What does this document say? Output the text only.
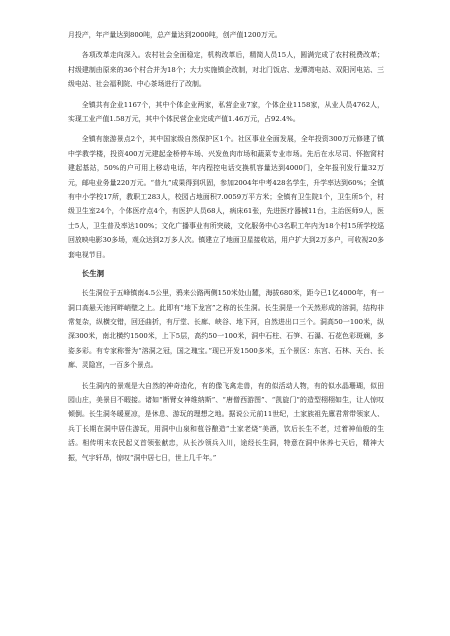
月投产，年产量达到800吨，总产量达到2000吨，创产值1200万元。

各项改革走向深入。农村社会全面稳定，机构改革后，精简人员15人，圆满完成了农村税费改革；村级建制由原来的36个村合并为18个；大力实施镇企改制，对北门饭店、龙潭湾电站、双阳河电站、三级电站、社会福利院、中心茶场进行了改制。

全镇共有企业1167个，其中个体企业两家，私营企业7家，个体企业1158家，从业人员4762人，实现工业产值1.58万元，其中个体民营企业完成产值1.46万元，占92.4%。

全镇有旅游景点2个，其中国家级自然保护区1个。社区事业全面发展，全年投资300万元修建了镇中学教学楼，投资400万元建起金桥停车场、兴发鱼肉市场和蔬菜专业市场。先后在水尽司、怀抱窝村建起基站，50%的户可用上移动电话，年内程控电话交换机容量达到4000门，全年报刊发行量32万元，邮电业务量220万元。“普九”成果得到巩固，参加2004年中考428名学生，升学率达到60%；全镇有中小学校17所，教职工283人，校园占地面积7.0059万平方米；全镇有卫生院1个，卫生所5个，村级卫生室24个，个体医疗点4个，有医护人员68人，病床61张，先进医疗器械11台，主治医师9人，医士5人，卫生普及率达100%；文化广播事业有所突破，文化服务中心3名职工年内为18个村15所学校巡回放映电影30多场，观众达到2万多人次。镇建立了地面卫星接收站，用户扩大到2万多户，可收视20多套电视节目。

长生洞

长生洞位于五峰镇南4.5公里，鸦来公路两侧150米处山麓，海拔680米，距今已1亿4000年，有一洞口高悬天池河畔峭壁之上。此即有“地下龙宫”之称的长生洞。长生洞是一个天然形成的溶洞，结构非常复杂，纵横交错，回还曲折，有厅堂、长廊、峡谷、地下河，自然进出口三个。洞高50一100米，纵深300米，南北横约1500米，上下5层，高约50一100米，洞中石柱、石笋、石瀑、石花色彩斑斓，多姿多彩。有专家称誉为“溶洞之冠，国之瑰宝。”现已开发1500多米，五个景区：东宫、石林、天台、长廊、灵隐宫，一百多个景点。

长生洞内的景观是大自然的神奇造化，有的像飞禽走兽，有的似活动人物，有的似水晶珊瑚，似田园山庄，美景目不暇接。诸如“断臂女神维纳斯”、“唐僧西游图”、“凯旋门”的造型栩栩如生，让人惊叹倾倒。长生洞冬暖夏凉，是休息、游玩的理想之地。据说公元前11世纪，土家族祖先廪君常带领家人、兵丁长期在洞中居住游玩，用洞中山泉和苞谷酿造“土家老烧”美酒，饮后长生不老，过着神仙般的生活。相传明末农民起义首领张献忠，从长沙领兵入川，途经长生洞，特意在洞中休养七天后，精神大振，气宇轩昂，惊叹“洞中居七日，世上几千年。”
